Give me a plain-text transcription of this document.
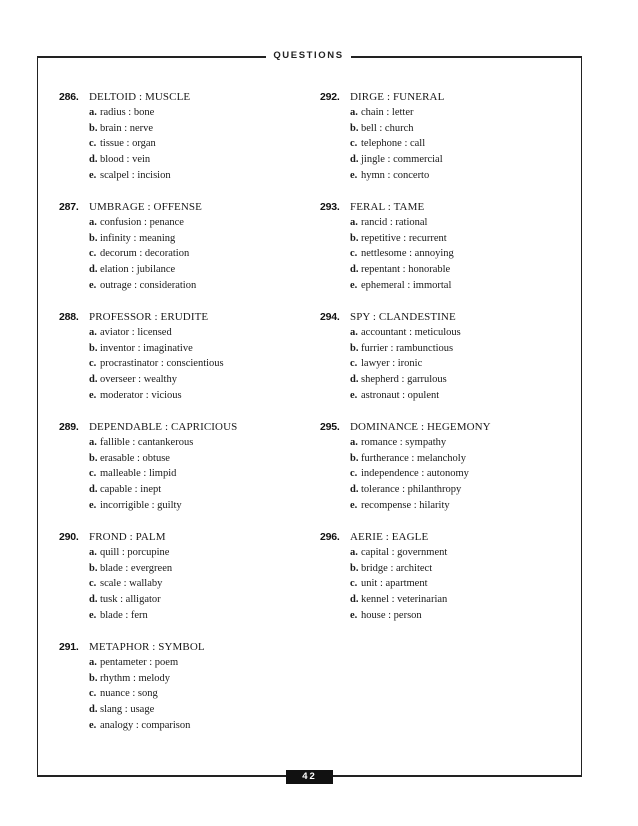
QUESTIONS
286. DELTOID : MUSCLE
a. radius : bone
b. brain : nerve
c. tissue : organ
d. blood : vein
e. scalpel : incision
287. UMBRAGE : OFFENSE
a. confusion : penance
b. infinity : meaning
c. decorum : decoration
d. elation : jubilance
e. outrage : consideration
288. PROFESSOR : ERUDITE
a. aviator : licensed
b. inventor : imaginative
c. procrastinator : conscientious
d. overseer : wealthy
e. moderator : vicious
289. DEPENDABLE : CAPRICIOUS
a. fallible : cantankerous
b. erasable : obtuse
c. malleable : limpid
d. capable : inept
e. incorrigible : guilty
290. FROND : PALM
a. quill : porcupine
b. blade : evergreen
c. scale : wallaby
d. tusk : alligator
e. blade : fern
291. METAPHOR : SYMBOL
a. pentameter : poem
b. rhythm : melody
c. nuance : song
d. slang : usage
e. analogy : comparison
292. DIRGE : FUNERAL
a. chain : letter
b. bell : church
c. telephone : call
d. jingle : commercial
e. hymn : concerto
293. FERAL : TAME
a. rancid : rational
b. repetitive : recurrent
c. nettlesome : annoying
d. repentant : honorable
e. ephemeral : immortal
294. SPY : CLANDESTINE
a. accountant : meticulous
b. furrier : rambunctious
c. lawyer : ironic
d. shepherd : garrulous
e. astronaut : opulent
295. DOMINANCE : HEGEMONY
a. romance : sympathy
b. furtherance : melancholy
c. independence : autonomy
d. tolerance : philanthropy
e. recompense : hilarity
296. AERIE : EAGLE
a. capital : government
b. bridge : architect
c. unit : apartment
d. kennel : veterinarian
e. house : person
42
